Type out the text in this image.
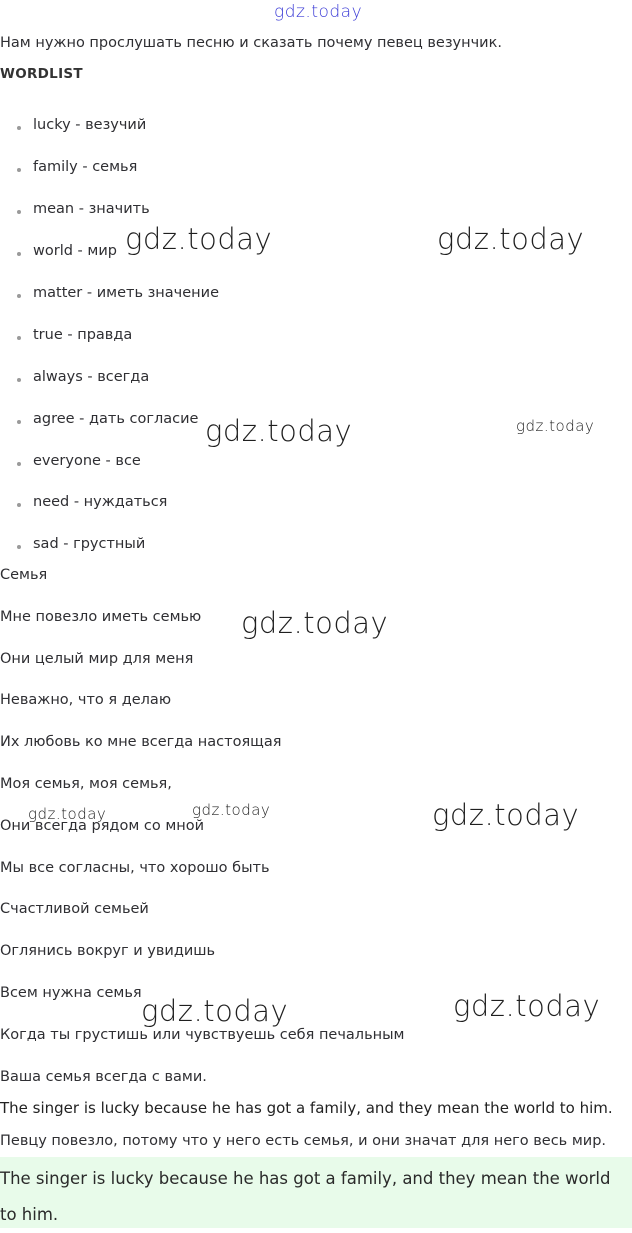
gdz.today
Нам нужно прослушать песню и сказать почему певец везунчик.
WORDLIST
lucky - везучий
family - семья
mean - значить
world - мир
matter - иметь значение
true - правда
always - всегда
agree - дать согласие
everyone - все
need - нуждаться
sad - грустный
Семья
Мне повезло иметь семью
Они целый мир для меня
Неважно, что я делаю
Их любовь ко мне всегда настоящая
Моя семья, моя семья,
Они всегда рядом со мной
Мы все согласны, что хорошо быть
Счастливой семьей
Оглянись вокруг и увидишь
Всем нужна семья
Когда ты грустишь или чувствуешь себя печальным
Ваша семья всегда с вами.
The singer is lucky because he has got a family, and they mean the world to him.
Певцу повезло, потому что у него есть семья, и они значат для него весь мир.
The singer is lucky because he has got a family, and they mean the world to him.
gdz.today	gdz.today
gdz.today	gdz.today
gdz.today
gdz.today	gdz.today	gdz.today
gdz.today	gdz.today
